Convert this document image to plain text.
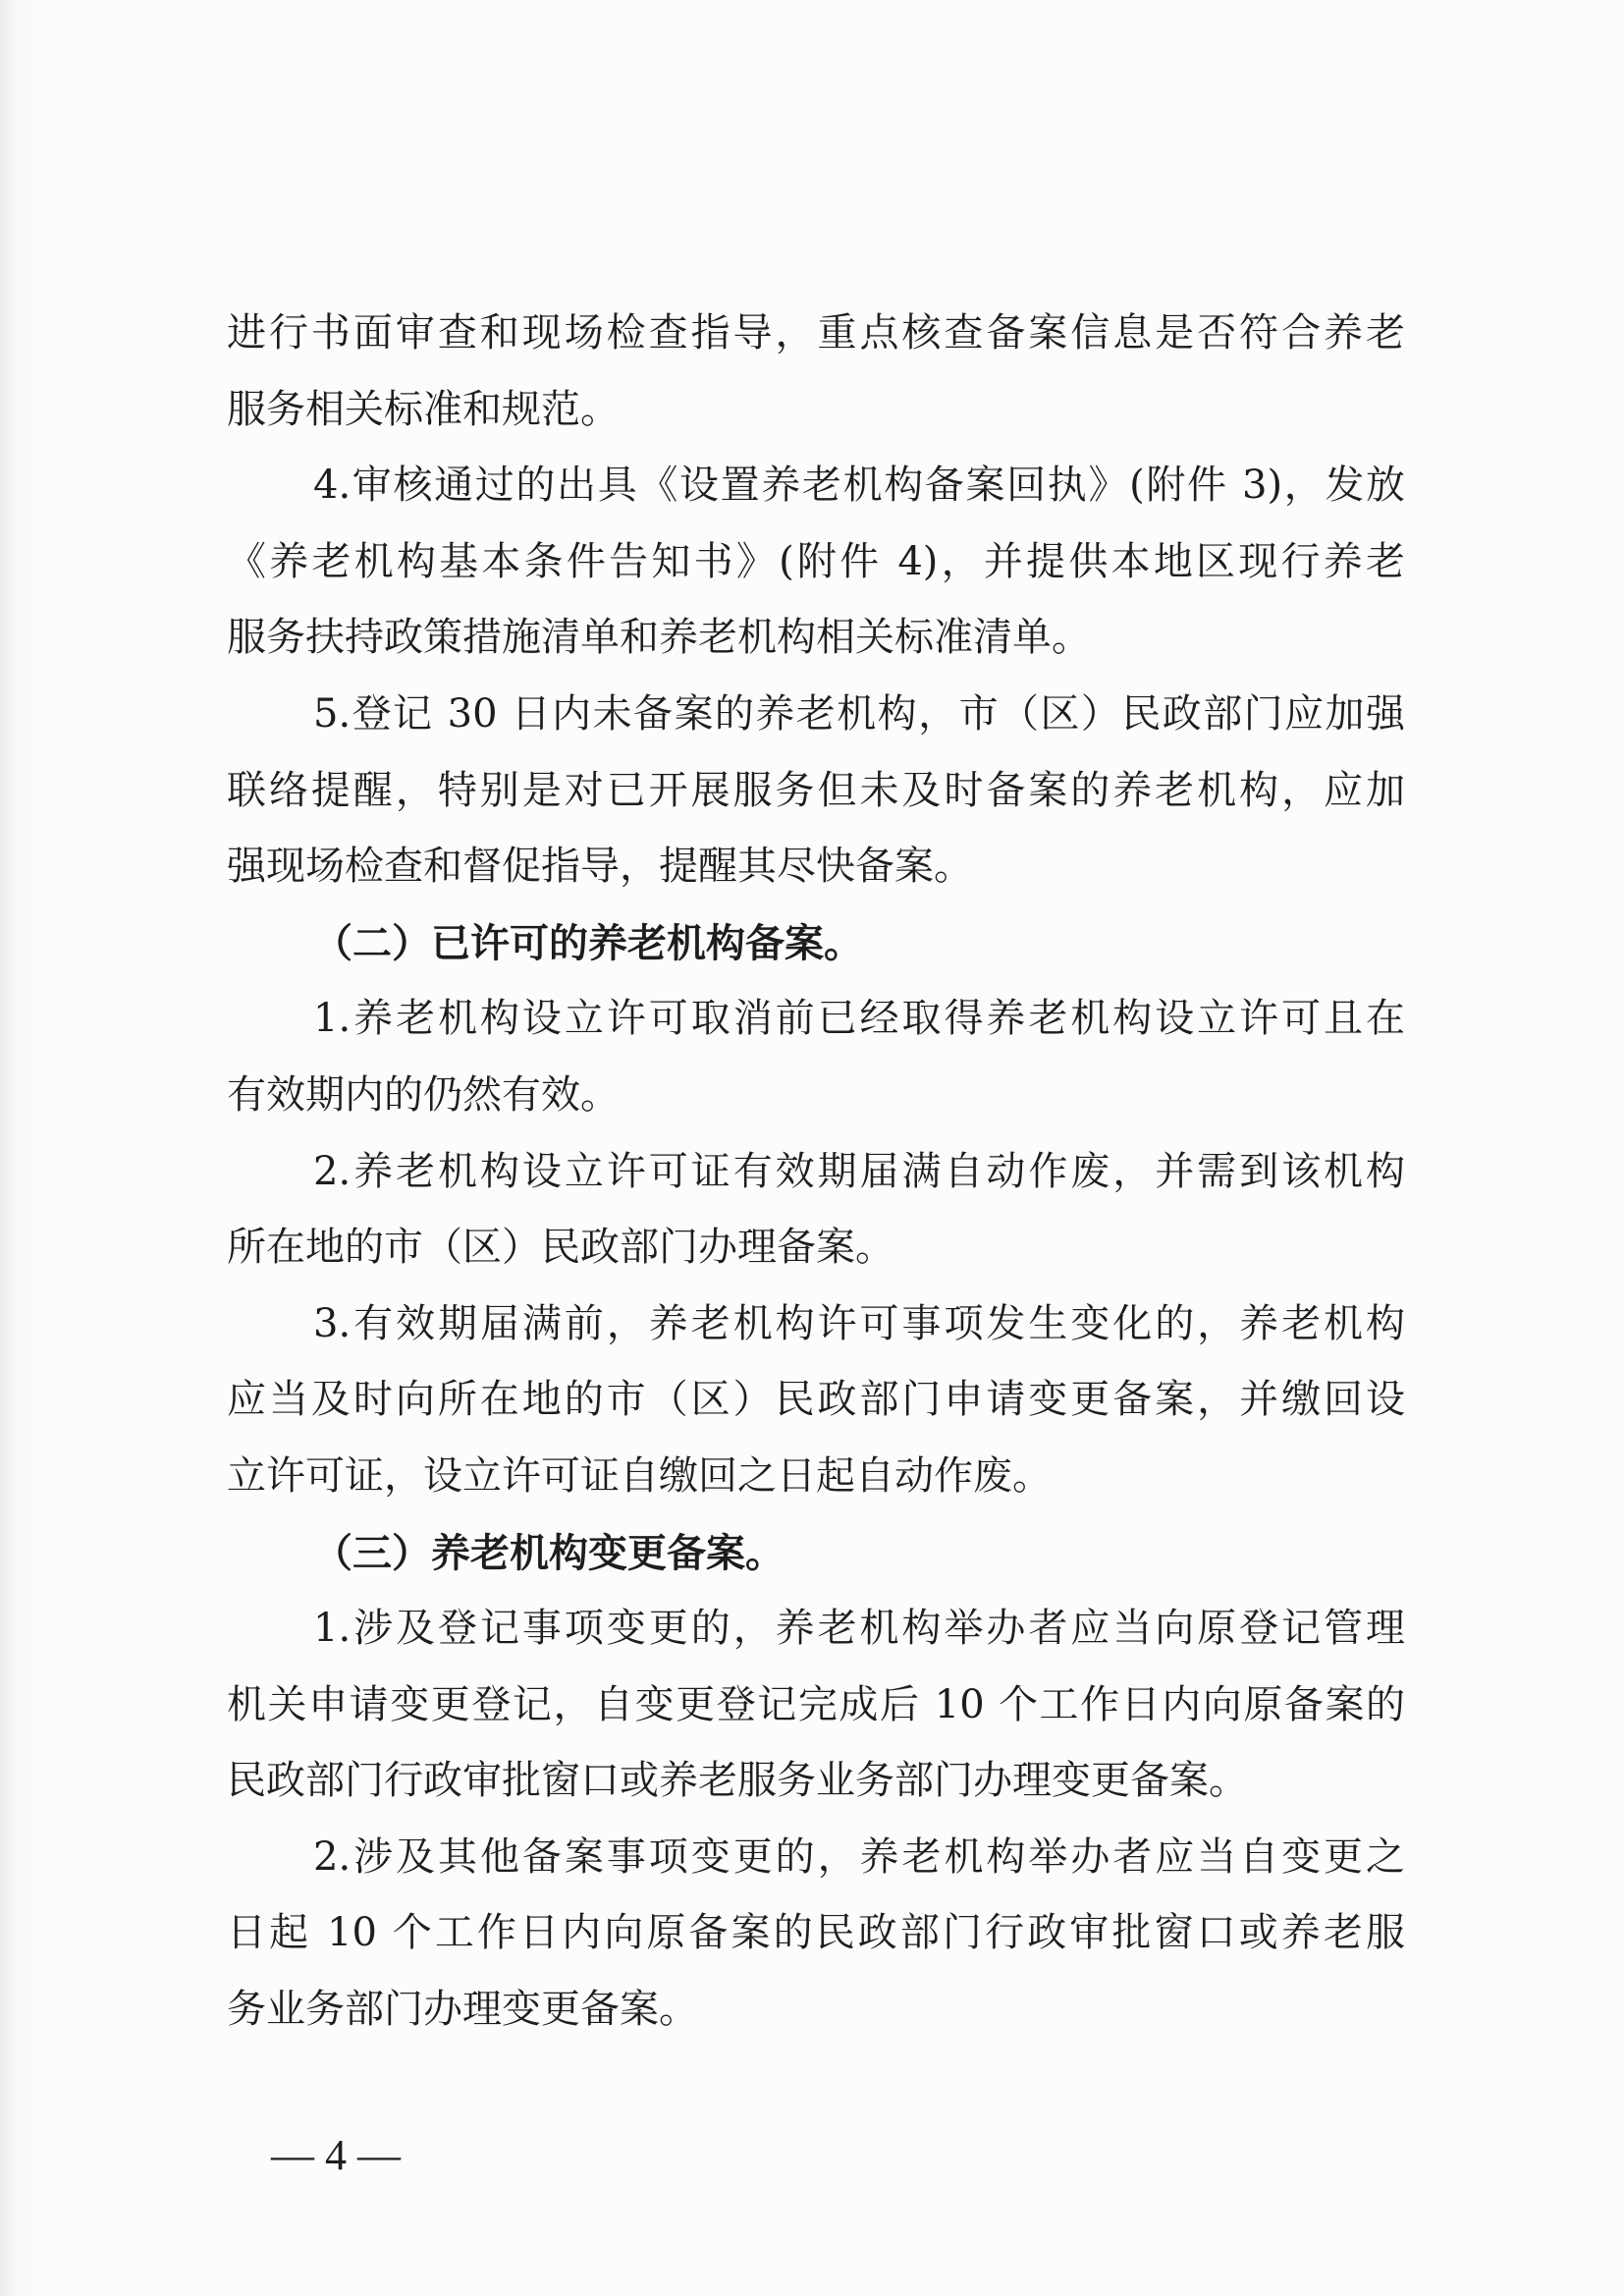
进行书面审查和现场检查指导，重点核查备案信息是否符合养老
服务相关标准和规范。
4.审核通过的出具《设置养老机构备案回执》(附件 3)，发放
《养老机构基本条件告知书》(附件 4)，并提供本地区现行养老
服务扶持政策措施清单和养老机构相关标准清单。
5.登记 30 日内未备案的养老机构，市（区）民政部门应加强
联络提醒，特别是对已开展服务但未及时备案的养老机构，应加
强现场检查和督促指导，提醒其尽快备案。
（二）已许可的养老机构备案。
1.养老机构设立许可取消前已经取得养老机构设立许可且在
有效期内的仍然有效。
2.养老机构设立许可证有效期届满自动作废，并需到该机构
所在地的市（区）民政部门办理备案。
3.有效期届满前，养老机构许可事项发生变化的，养老机构
应当及时向所在地的市（区）民政部门申请变更备案，并缴回设
立许可证，设立许可证自缴回之日起自动作废。
（三）养老机构变更备案。
1.涉及登记事项变更的，养老机构举办者应当向原登记管理
机关申请变更登记，自变更登记完成后 10 个工作日内向原备案的
民政部门行政审批窗口或养老服务业务部门办理变更备案。
2.涉及其他备案事项变更的，养老机构举办者应当自变更之
日起 10 个工作日内向原备案的民政部门行政审批窗口或养老服
务业务部门办理变更备案。
— 4 —
